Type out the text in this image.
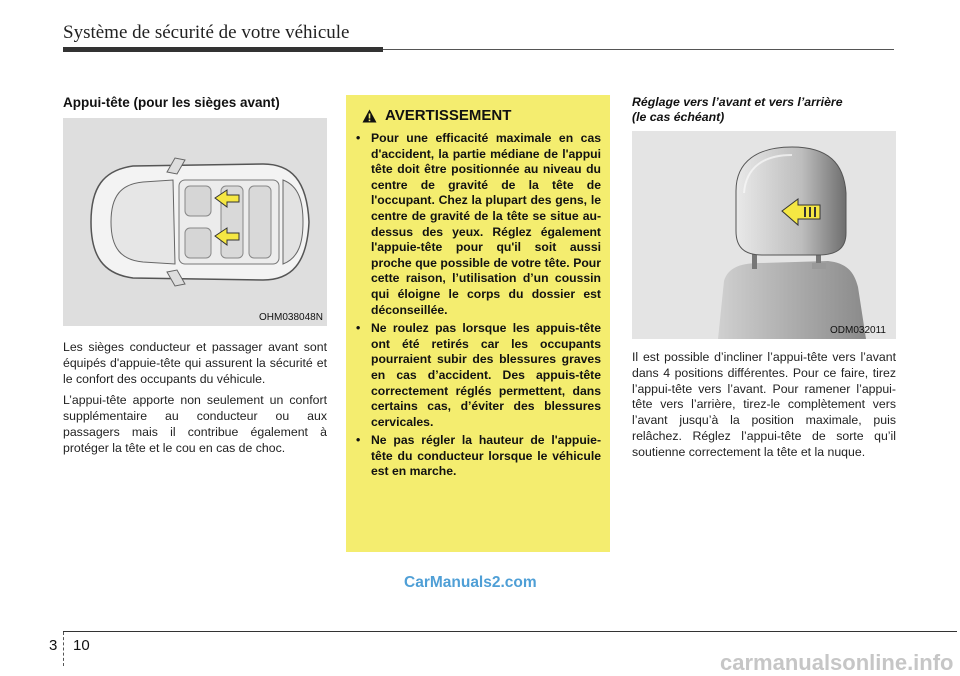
Système de sécurité de votre véhicule
Appui-tête (pour les sièges avant)
OHM038048N

Les sièges conducteur et passager avant sont équipés d'appuie-tête qui assurent la sécurité et le confort des occupants du véhicule.

L’appui-tête apporte non seulement un confort supplémentaire au conducteur ou aux passagers mais il contribue également à protéger la tête et le cou en cas de choc.

AVERTISSEMENT
• Pour une efficacité maximale en cas d'accident, la partie médiane de l'appui tête doit être positionnée au niveau du centre de gravité de la tête de l'occupant. Chez la plupart des gens, le centre de gravité de la tête se situe au-dessus des yeux. Réglez également l'appuie-tête pour qu'il soit aussi proche que possible de votre tête. Pour cette raison, l’utilisation d’un coussin qui éloigne le corps du dossier est déconseillée.
• Ne roulez pas lorsque les appuis-tête ont été retirés car les occupants pourraient subir des blessures graves en cas d’accident. Des appuis-tête correctement réglés permettent, dans certains cas, d’éviter des blessures cervicales.
• Ne pas régler la hauteur de l'appuie-tête du conducteur lorsque le véhicule est en marche.
Réglage vers l’avant et vers l’arrière
(le cas échéant)
ODM032011

Il est possible d’incliner l’appui-tête vers l’avant dans 4 positions différentes. Pour ce faire, tirez l’appui-tête vers l’avant. Pour ramener l’appui-tête vers l’arrière, tirez-le complètement vers l’avant jusqu’à la position maximale, puis relâchez. Réglez l’appui-tête de sorte qu’il soutienne correctement la tête et la nuque.

CarManuals2.com
3 10
carmanualsonline.info
